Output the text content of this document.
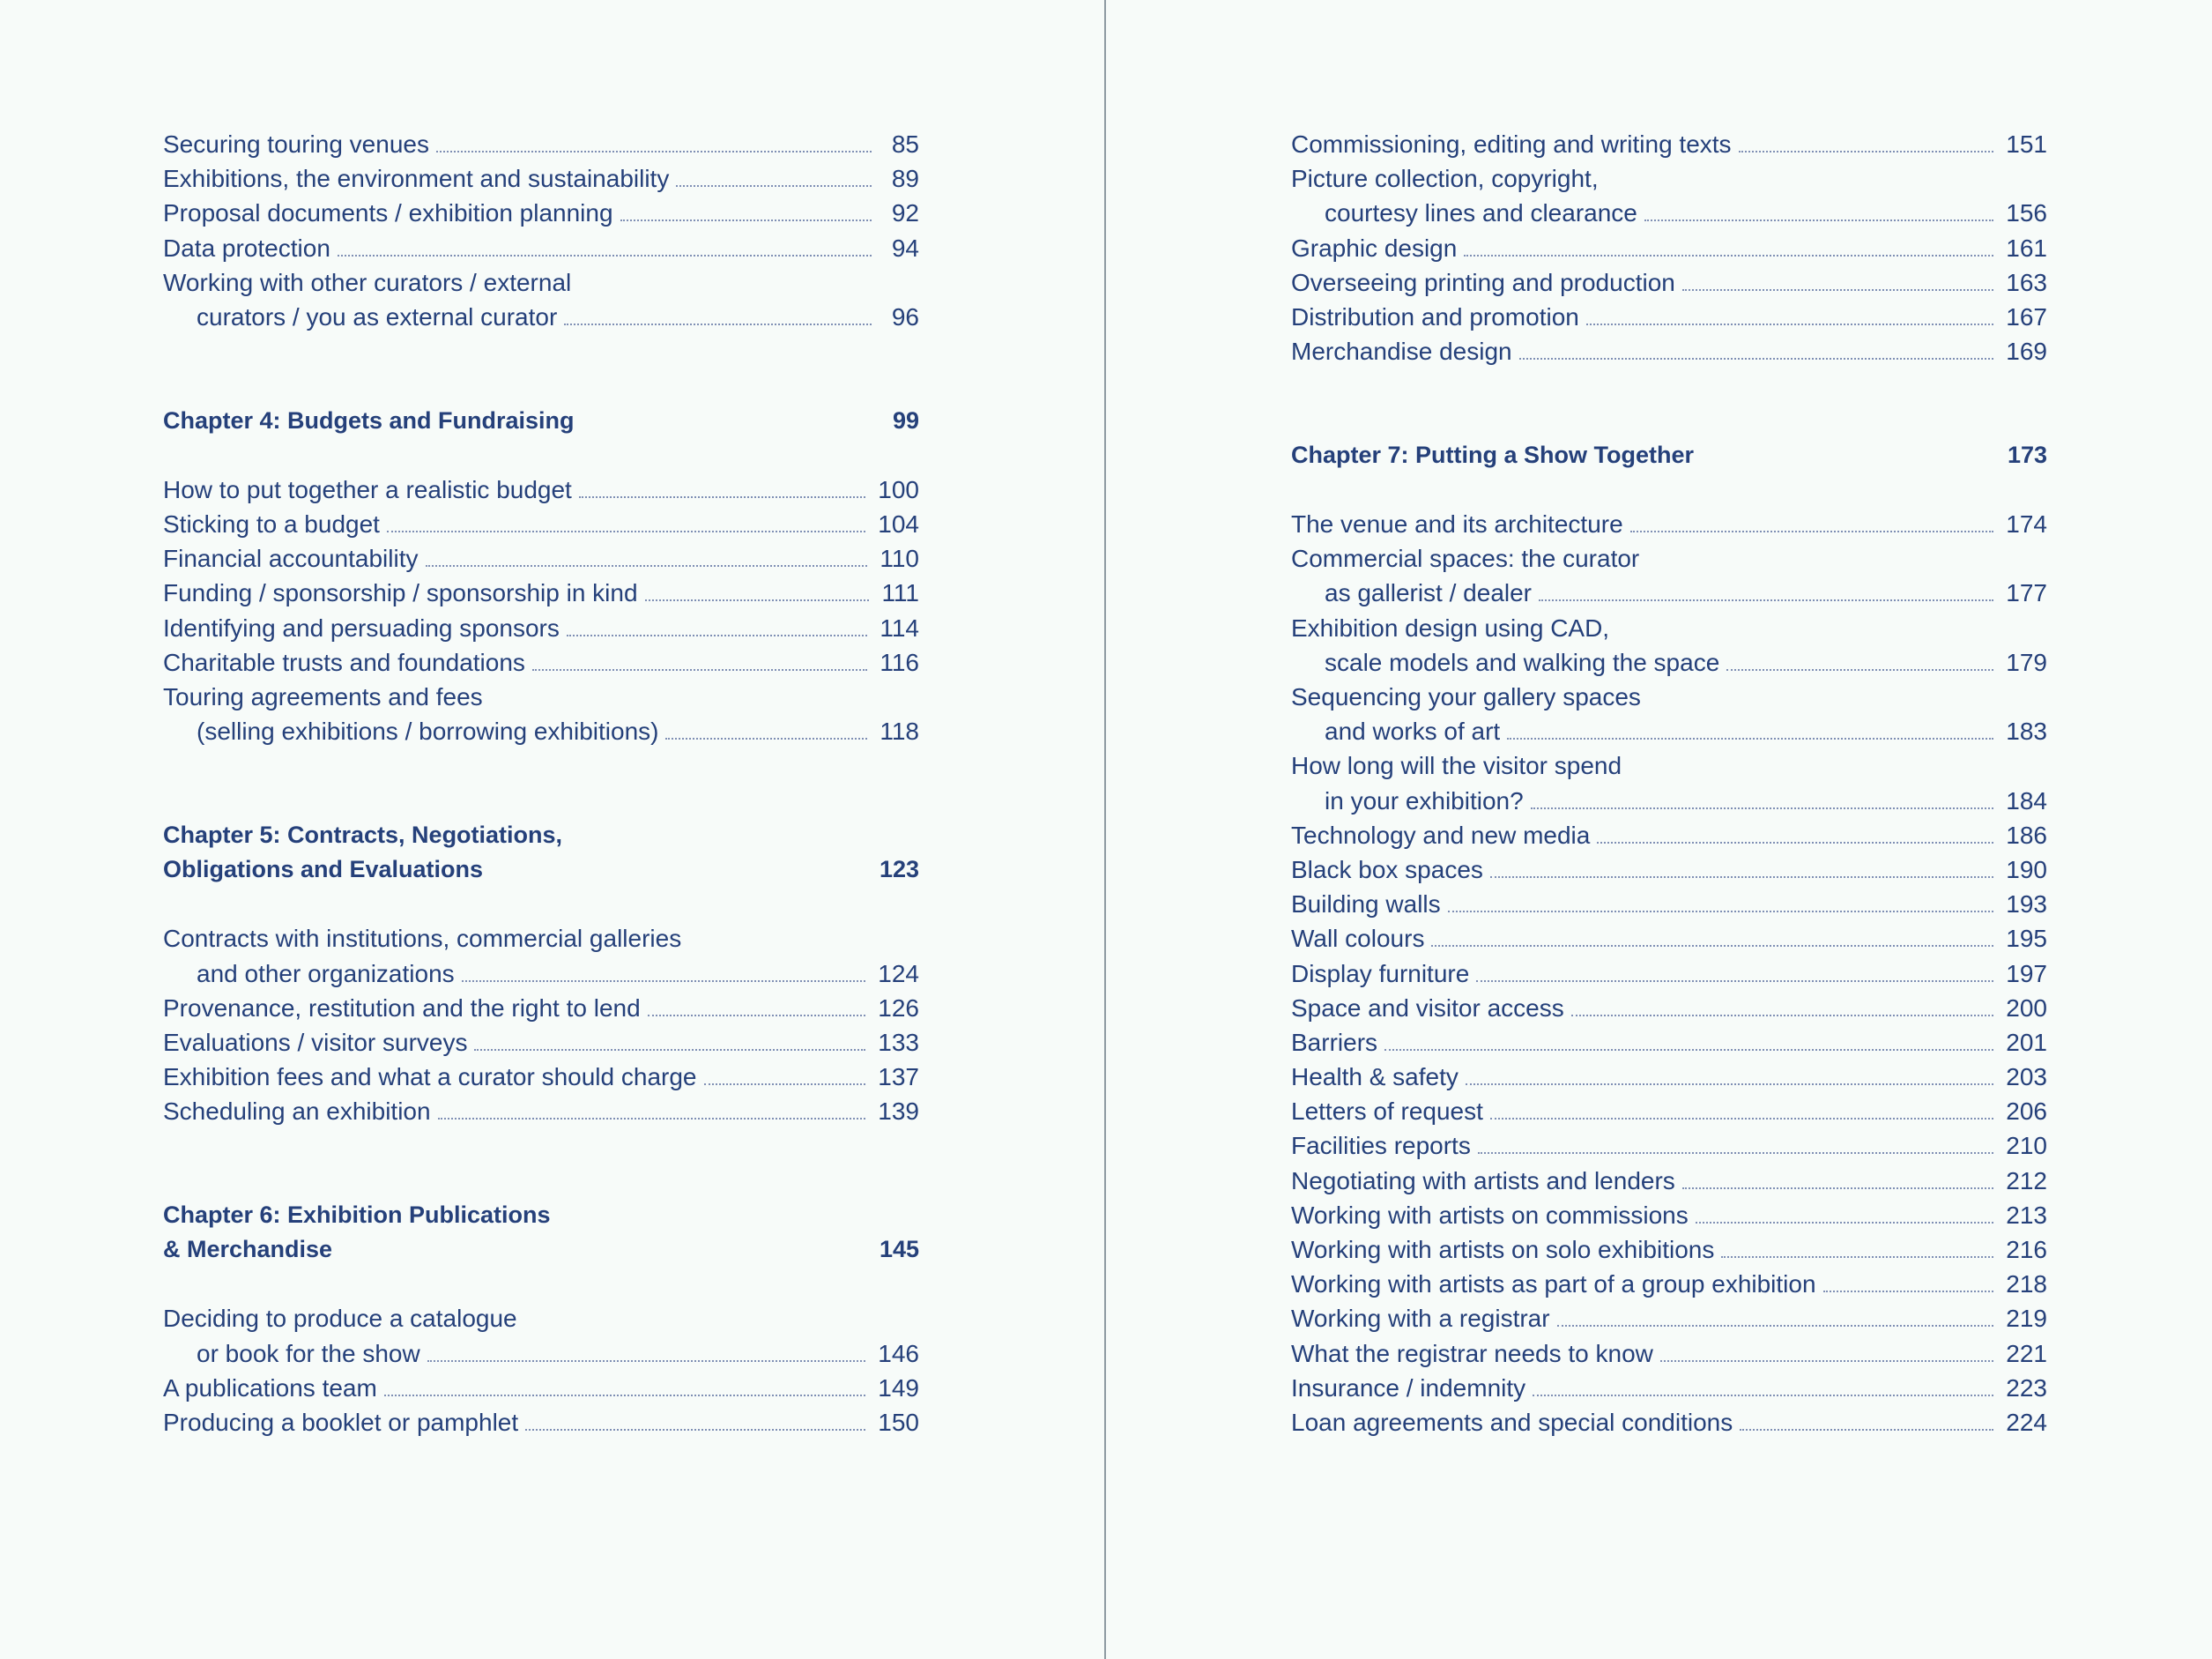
Securing touring venues	85
Exhibitions, the environment and sustainability	89
Proposal documents / exhibition planning	92
Data protection	94
Working with other curators / external
curators / you as external curator	96
Chapter 4: Budgets and Fundraising	99
How to put together a realistic budget	100
Sticking to a budget	104
Financial accountability	110
Funding / sponsorship / sponsorship in kind	111
Identifying and persuading sponsors	114
Charitable trusts and foundations	116
Touring agreements and fees
(selling exhibitions / borrowing exhibitions)	118
Chapter 5: Contracts, Negotiations,
Obligations and Evaluations	123
Contracts with institutions, commercial galleries
and other organizations	124
Provenance, restitution and the right to lend	126
Evaluations / visitor surveys	133
Exhibition fees and what a curator should charge	137
Scheduling an exhibition	139
Chapter 6: Exhibition Publications
& Merchandise	145
Deciding to produce a catalogue
or book for the show	146
A publications team	149
Producing a booklet or pamphlet	150
Commissioning, editing and writing texts	151
Picture collection, copyright,
courtesy lines and clearance	156
Graphic design	161
Overseeing printing and production	163
Distribution and promotion	167
Merchandise design	169
Chapter 7: Putting a Show Together	173
The venue and its architecture	174
Commercial spaces: the curator
as gallerist / dealer	177
Exhibition design using CAD,
scale models and walking the space	179
Sequencing your gallery spaces
and works of art	183
How long will the visitor spend
in your exhibition?	184
Technology and new media	186
Black box spaces	190
Building walls	193
Wall colours	195
Display furniture	197
Space and visitor access	200
Barriers	201
Health & safety	203
Letters of request	206
Facilities reports	210
Negotiating with artists and lenders	212
Working with artists on commissions	213
Working with artists on solo exhibitions	216
Working with artists as part of a group exhibition	218
Working with a registrar	219
What the registrar needs to know	221
Insurance / indemnity	223
Loan agreements and special conditions	224
